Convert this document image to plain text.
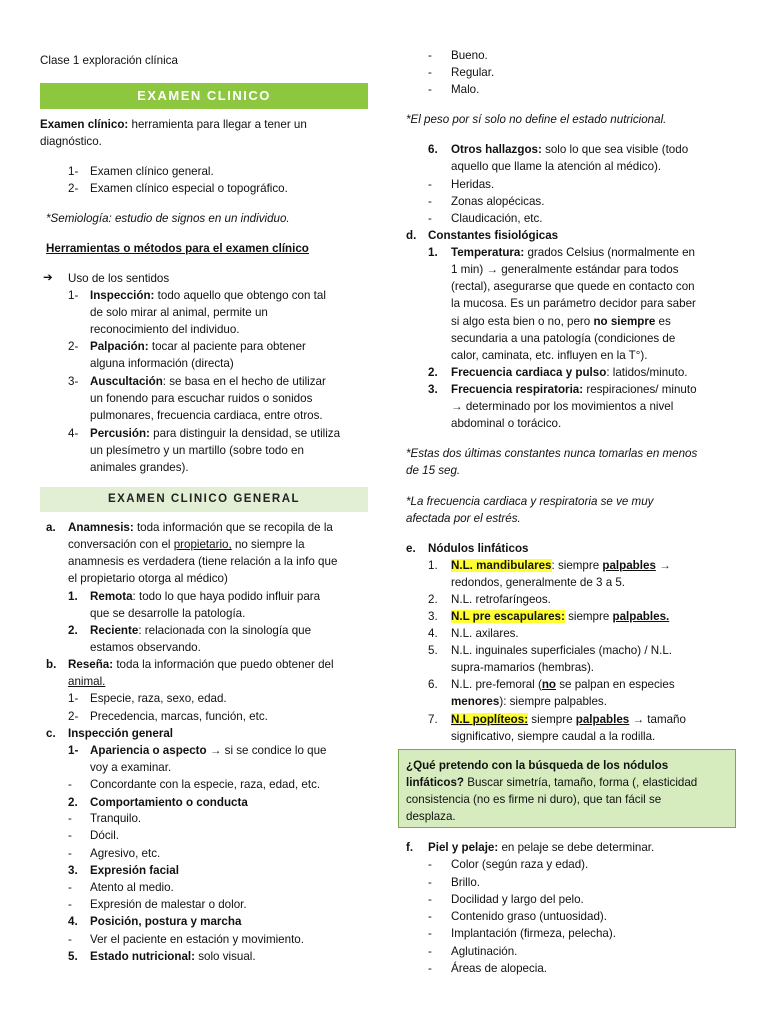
Clase 1 exploración clínica
EXAMEN CLINICO
Examen clínico: herramienta para llegar a tener un diagnóstico.
1- Examen clínico general.
2- Examen clínico especial o topográfico.
*Semiología: estudio de signos en un individuo.
Herramientas o métodos para el examen clínico
➔ Uso de los sentidos
1- Inspección: todo aquello que obtengo con tal
de solo mirar al animal, permite un
reconocimiento del individuo.
2- Palpación: tocar al paciente para obtener
alguna información (directa)
3- Auscultación: se basa en el hecho de utilizar
un fonendo para escuchar ruidos o sonidos
pulmonares, frecuencia cardiaca, entre otros.
4- Percusión: para distinguir la densidad, se utiliza
un plesímetro y un martillo (sobre todo en
animales grandes).
EXAMEN CLINICO GENERAL
a. Anamnesis: toda información que se recopila de la
conversación con el propietario, no siempre la
anamnesis es verdadera (tiene relación a la info que
el propietario otorga al médico)
1. Remota: todo lo que haya podido influir para
que se desarrolle la patología.
2. Reciente: relacionada con la sinología que
estamos observando.
b. Reseña: toda la información que puedo obtener del
animal.
1- Especie, raza, sexo, edad.
2- Precedencia, marcas, función, etc.
c. Inspección general
1- Apariencia o aspecto → si se condice lo que
voy a examinar.
- Concordante con la especie, raza, edad, etc.
2. Comportamiento o conducta
- Tranquilo.
- Dócil.
- Agresivo, etc.
3. Expresión facial
- Atento al medio.
- Expresión de malestar o dolor.
4. Posición, postura y marcha
- Ver el paciente en estación y movimiento.
5. Estado nutricional: solo visual.
- Bueno.
- Regular.
- Malo.
*El peso por sí solo no define el estado nutricional.
6. Otros hallazgos: solo lo que sea visible (todo
aquello que llame la atención al médico).
- Heridas.
- Zonas alopécicas.
- Claudicación, etc.
d. Constantes fisiológicas
1. Temperatura: grados Celsius (normalmente en
1 min) → generalmente estándar para todos
(rectal), asegurarse que quede en contacto con
la mucosa. Es un parámetro decidor para saber
si algo esta bien o no, pero no siempre es
secundaria a una patología (condiciones de
calor, caminata, etc. influyen en la T°).
2. Frecuencia cardiaca y pulso: latidos/minuto.
3. Frecuencia respiratoria: respiraciones/ minuto
→ determinado por los movimientos a nivel
abdominal o torácico.
*Estas dos últimas constantes nunca tomarlas en menos
de 15 seg.
*La frecuencia cardiaca y respiratoria se ve muy
afectada por el estrés.
e. Nódulos linfáticos
1. N.L. mandibulares: siempre palpables →
redondos, generalmente de 3 a 5.
2. N.L. retrofaríngeos.
3. N.L pre escapulares: siempre palpables.
4. N.L. axilares.
5. N.L. inguinales superficiales (macho) / N.L.
supra-mamarios (hembras).
6. N.L. pre-femoral (no se palpan en especies
menores): siempre palpables.
7. N.L poplíteos: siempre palpables → tamaño
significativo, siempre caudal a la rodilla.
¿Qué pretendo con la búsqueda de los nódulos
linfáticos? Buscar simetría, tamaño, forma (, elasticidad
consistencia (no es firme ni duro), que tan fácil se
desplaza.
f. Piel y pelaje: en pelaje se debe determinar.
- Color (según raza y edad).
- Brillo.
- Docilidad y largo del pelo.
- Contenido graso (untuosidad).
- Implantación (firmeza, pelecha).
- Aglutinación.
- Áreas de alopecia.
